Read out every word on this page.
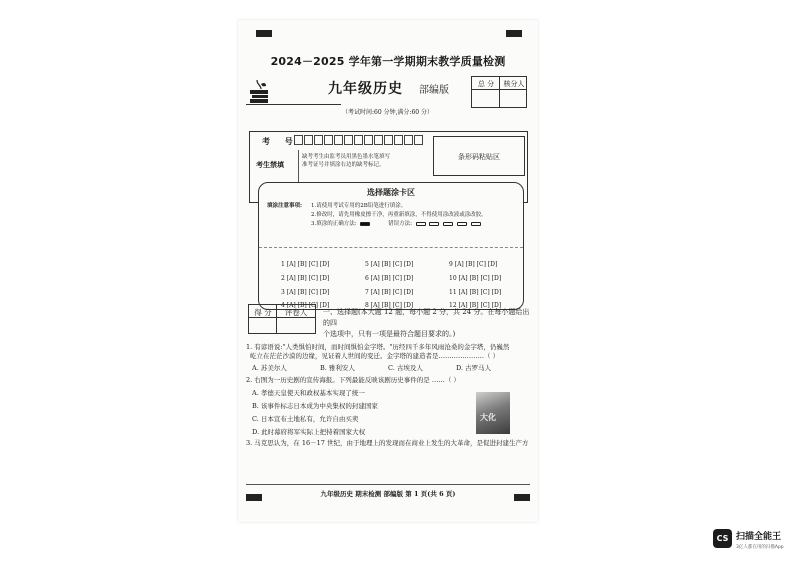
2024－2025 学年第一学期期末教学质量检测
九年级历史 部编版
（考试时间:60 分钟,满分:60 分）
总 分	核分人
考 号
考生禁填
缺考考生由监考员用黑色墨水笔填写准考证号并填涂右边的缺考标记。
条形码粘贴区
选择题涂卡区
填涂注意事项: 1.请使用考试专用的2B铅笔进行填涂。
2.修改时，请先用橡皮擦干净，再重新填涂，不得使用涂改液或涂改胶。
3.填涂的正确方法:	错误方法:
1 [A] [B] [C] [D]	5 [A] [B] [C] [D]	9 [A] [B] [C] [D]
2 [A] [B] [C] [D]	6 [A] [B] [C] [D]	10 [A] [B] [C] [D]
3 [A] [B] [C] [D]	7 [A] [B] [C] [D]	11 [A] [B] [C] [D]
4 [A] [B] [C] [D]	8 [A] [B] [C] [D]	12 [A] [B] [C] [D]
得 分	评卷人	一、选择题(本大题 12 题，每小题 2 分，共 24 分。在每小题给出的四
个选项中，只有一项是最符合题目要求的。)
1. 有谚语说:"人类惧怕时间，而时间惧怕金字塔。"历经四千多年风雨沧桑的金字塔，仍巍然
屹立在茫茫沙漠的边缘，见证着人世间的变迁。金字塔的建造者是…………………（ ）
A. 苏美尔人	B. 雅利安人	C. 古埃及人	D. 古罗马人
2. 右图为一历史剧的宣传海报。下列最能反映该剧历史事件的是 ……（ ）
A. 孝德天皇使天和政权基本实现了统一
B. 该事件标志日本成为中央集权的封建国家
C. 日本宣布土地私有，允许自由买卖
D. 此时幕府将军实际上把持着国家大权
大化
3. 马克思认为，在 16－17 世纪，由于地理上的发现而在商业上发生的大革命，是促进封建生产方
九年级历史 期末检测 部编版 第 1 页(共 6 页)
CS 扫描全能王
3亿人都在用的扫描App
